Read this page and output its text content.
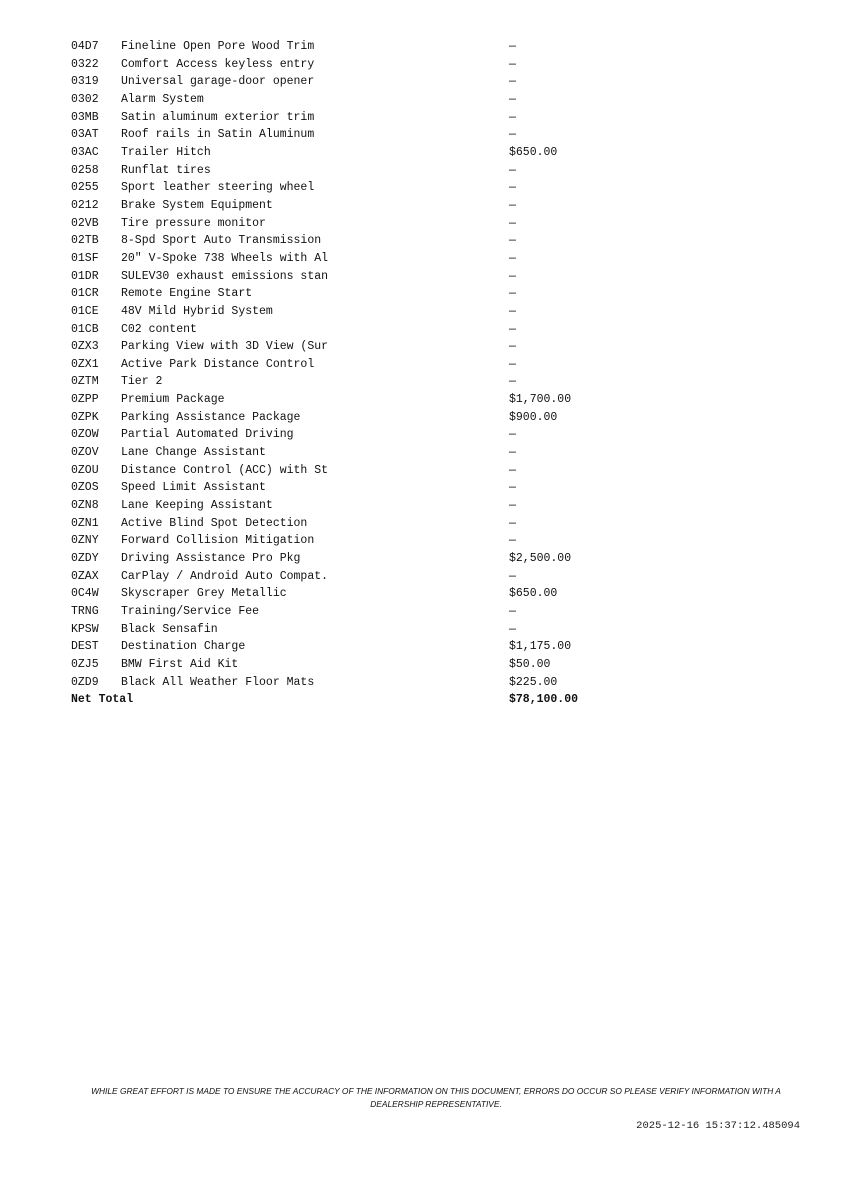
04D7	Fineline Open Pore Wood Trim	—
0322	Comfort Access keyless entry	—
0319	Universal garage-door opener	—
0302	Alarm System	—
03MB	Satin aluminum exterior trim	—
03AT	Roof rails in Satin Aluminum	—
03AC	Trailer Hitch	$650.00
0258	Runflat tires	—
0255	Sport leather steering wheel	—
0212	Brake System Equipment	—
02VB	Tire pressure monitor	—
02TB	8-Spd Sport Auto Transmission	—
01SF	20" V-Spoke 738 Wheels with Al	—
01DR	SULEV30 exhaust emissions stan	—
01CR	Remote Engine Start	—
01CE	48V Mild Hybrid System	—
01CB	C02 content	—
0ZX3	Parking View with 3D View (Sur	—
0ZX1	Active Park Distance Control	—
0ZTM	Tier 2	—
0ZPP	Premium Package	$1,700.00
0ZPK	Parking Assistance Package	$900.00
0ZOW	Partial Automated Driving	—
0ZOV	Lane Change Assistant	—
0ZOU	Distance Control (ACC) with St	—
0ZOS	Speed Limit Assistant	—
0ZN8	Lane Keeping Assistant	—
0ZN1	Active Blind Spot Detection	—
0ZNY	Forward Collision Mitigation	—
0ZDY	Driving Assistance Pro Pkg	$2,500.00
0ZAX	CarPlay / Android Auto Compat.	—
0C4W	Skyscraper Grey Metallic	$650.00
TRNG	Training/Service Fee	—
KPSW	Black Sensafin	—
DEST	Destination Charge	$1,175.00
0ZJ5	BMW First Aid Kit	$50.00
0ZD9	Black All Weather Floor Mats	$225.00
Net Total		$78,100.00
WHILE GREAT EFFORT IS MADE TO ENSURE THE ACCURACY OF THE INFORMATION ON THIS DOCUMENT, ERRORS DO OCCUR SO PLEASE VERIFY INFORMATION WITH A DEALERSHIP REPRESENTATIVE.
2025-12-16 15:37:12.485094
